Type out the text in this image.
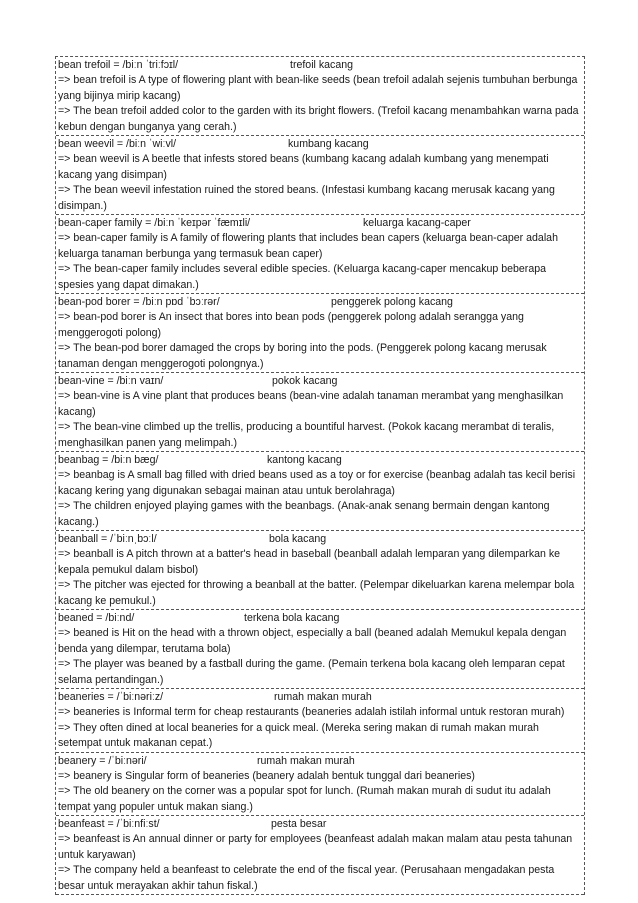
bean trefoil = /biːn ˈtriːfɔɪl/	trefoil kacang
=> bean trefoil is A type of flowering plant with bean-like seeds (bean trefoil adalah sejenis tumbuhan berbunga yang bijinya mirip kacang)
=> The bean trefoil added color to the garden with its bright flowers. (Trefoil kacang menambahkan warna pada kebun dengan bunganya yang cerah.)
bean weevil = /biːn ˈwiːvl/	kumbang kacang
=> bean weevil is A beetle that infests stored beans (kumbang kacang adalah kumbang yang menempati kacang yang disimpan)
=> The bean weevil infestation ruined the stored beans. (Infestasi kumbang kacang merusak kacang yang disimpan.)
bean-caper family = /biːn ˈkeɪpər ˈfæmɪli/	keluarga kacang-caper
=> bean-caper family is A family of flowering plants that includes bean capers (keluarga bean-caper adalah keluarga tanaman berbunga yang termasuk bean caper)
=> The bean-caper family includes several edible species. (Keluarga kacang-caper mencakup beberapa spesies yang dapat dimakan.)
bean-pod borer = /biːn pɒd ˈbɔːrər/	penggerek polong kacang
=> bean-pod borer is An insect that bores into bean pods (penggerek polong adalah serangga yang menggerogoti polong)
=> The bean-pod borer damaged the crops by boring into the pods. (Penggerek polong kacang merusak tanaman dengan menggerogoti polongnya.)
bean-vine = /biːn vaɪn/	pokok kacang
=> bean-vine is A vine plant that produces beans (bean-vine adalah tanaman merambat yang menghasilkan kacang)
=> The bean-vine climbed up the trellis, producing a bountiful harvest. (Pokok kacang merambat di teralis, menghasilkan panen yang melimpah.)
beanbag = /biːn bæg/	kantong kacang
=> beanbag is A small bag filled with dried beans used as a toy or for exercise (beanbag adalah tas kecil berisi kacang kering yang digunakan sebagai mainan atau untuk berolahraga)
=> The children enjoyed playing games with the beanbags. (Anak-anak senang bermain dengan kantong kacang.)
beanball = /ˈbiːnˌbɔːl/	bola kacang
=> beanball is A pitch thrown at a batter's head in baseball (beanball adalah lemparan yang dilemparkan ke kepala pemukul dalam bisbol)
=> The pitcher was ejected for throwing a beanball at the batter. (Pelempar dikeluarkan karena melempar bola kacang ke pemukul.)
beaned = /biːnd/	terkena bola kacang
=> beaned is Hit on the head with a thrown object, especially a ball (beaned adalah Memukul kepala dengan benda yang dilempar, terutama bola)
=> The player was beaned by a fastball during the game. (Pemain terkena bola kacang oleh lemparan cepat selama pertandingan.)
beaneries = /ˈbiːnəriːz/	rumah makan murah
=> beaneries is Informal term for cheap restaurants (beaneries adalah istilah informal untuk restoran murah)
=> They often dined at local beaneries for a quick meal. (Mereka sering makan di rumah makan murah setempat untuk makanan cepat.)
beanery = /ˈbiːnəri/	rumah makan murah
=> beanery is Singular form of beaneries (beanery adalah bentuk tunggal dari beaneries)
=> The old beanery on the corner was a popular spot for lunch. (Rumah makan murah di sudut itu adalah tempat yang populer untuk makan siang.)
beanfeast = /ˈbiːnfiːst/	pesta besar
=> beanfeast is An annual dinner or party for employees (beanfeast adalah makan malam atau pesta tahunan untuk karyawan)
=> The company held a beanfeast to celebrate the end of the fiscal year. (Perusahaan mengadakan pesta besar untuk merayakan akhir tahun fiskal.)
